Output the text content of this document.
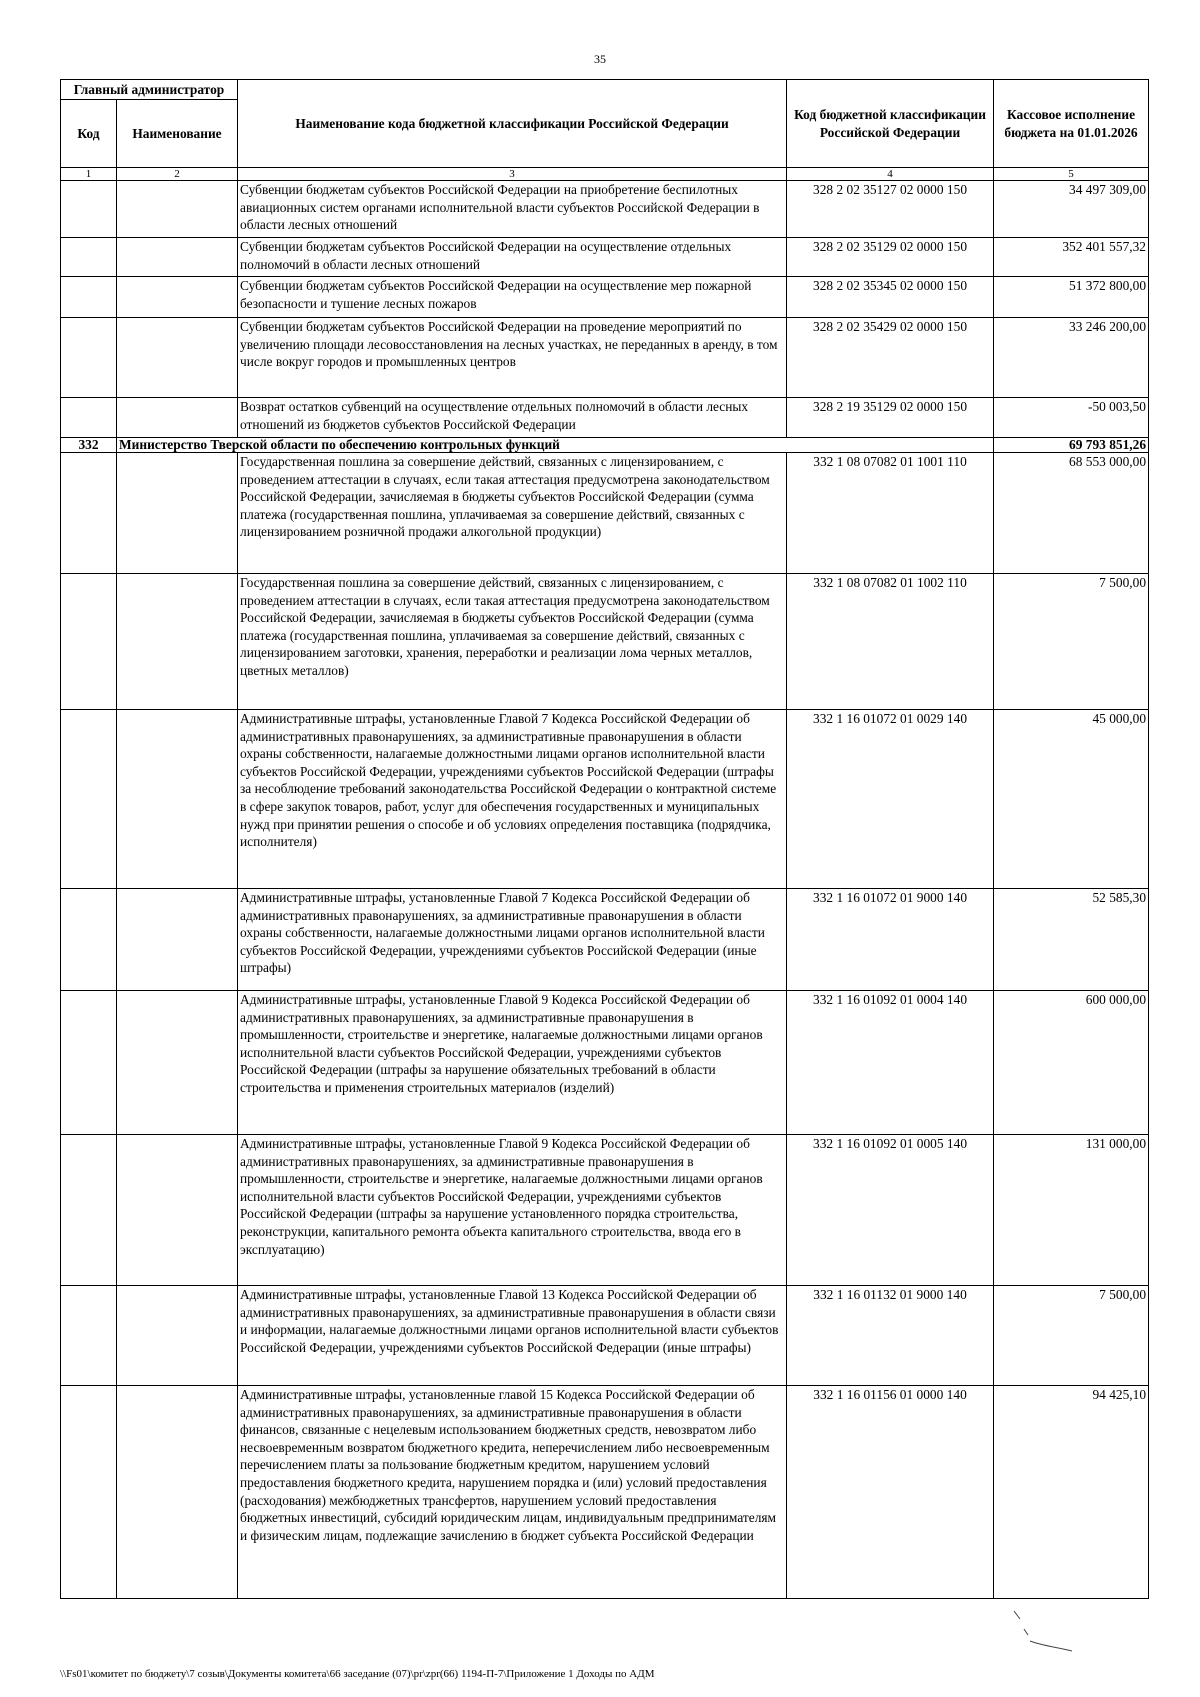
35
Главный администратор		Наименование кода бюджетной классификации Российской Федерации	Код бюджетной классификации Российской Федерации	Кассовое исполнение бюджета на 01.01.2026
Код	Наименование			
1	2	3	4	5
		Субвенции бюджетам субъектов Российской Федерации на приобретение беспилотных авиационных систем органами исполнительной власти субъектов Российской Федерации в области лесных отношений	328 2 02 35127 02 0000 150	34 497 309,00
		Субвенции бюджетам субъектов Российской Федерации на осуществление отдельных полномочий в области лесных отношений	328 2 02 35129 02 0000 150	352 401 557,32
		Субвенции бюджетам субъектов Российской Федерации на осуществление мер пожарной безопасности и тушение лесных пожаров	328 2 02 35345 02 0000 150	51 372 800,00
		Субвенции бюджетам субъектов Российской Федерации на проведение мероприятий по увеличению площади лесовосстановления на лесных участках, не переданных в аренду, в том числе вокруг городов и промышленных центров	328 2 02 35429 02 0000 150	33 246 200,00
		Возврат остатков субвенций на осуществление отдельных полномочий в области лесных отношений из бюджетов субъектов Российской Федерации	328 2 19 35129 02 0000 150	-50 003,50
332	Министерство Тверской области по обеспечению контрольных функций			69 793 851,26
		Государственная пошлина за совершение действий, связанных с лицензированием, с проведением аттестации в случаях, если такая аттестация предусмотрена законодательством Российской Федерации, зачисляемая в бюджеты субъектов Российской Федерации (сумма платежа (государственная пошлина, уплачиваемая за совершение действий, связанных с лицензированием розничной продажи алкогольной продукции)	332 1 08 07082 01 1001 110	68 553 000,00
		Государственная пошлина за совершение действий, связанных с лицензированием, с проведением аттестации в случаях, если такая аттестация предусмотрена законодательством Российской Федерации, зачисляемая в бюджеты субъектов Российской Федерации (сумма платежа (государственная пошлина, уплачиваемая за совершение действий, связанных с лицензированием заготовки, хранения, переработки и реализации лома черных металлов, цветных металлов)	332 1 08 07082 01 1002 110	7 500,00
		Административные штрафы, установленные Главой 7 Кодекса Российской Федерации об административных правонарушениях, за административные правонарушения в области охраны собственности, налагаемые должностными лицами органов исполнительной власти субъектов Российской Федерации, учреждениями субъектов Российской Федерации (штрафы за несоблюдение требований законодательства Российской Федерации о контрактной системе в сфере закупок товаров, работ, услуг для обеспечения государственных и муниципальных нужд при принятии решения о способе и об условиях определения поставщика (подрядчика, исполнителя)	332 1 16 01072 01 0029 140	45 000,00
		Административные штрафы, установленные Главой 7 Кодекса Российской Федерации об административных правонарушениях, за административные правонарушения в области охраны собственности, налагаемые должностными лицами органов исполнительной власти субъектов Российской Федерации, учреждениями субъектов Российской Федерации (иные штрафы)	332 1 16 01072 01 9000 140	52 585,30
		Административные штрафы, установленные Главой 9 Кодекса Российской Федерации об административных правонарушениях, за административные правонарушения в промышленности, строительстве и энергетике, налагаемые должностными лицами органов исполнительной власти субъектов Российской Федерации, учреждениями субъектов Российской Федерации (штрафы за нарушение обязательных требований в области строительства и применения строительных материалов (изделий)	332 1 16 01092 01 0004 140	600 000,00
		Административные штрафы, установленные Главой 9 Кодекса Российской Федерации об административных правонарушениях, за административные правонарушения в промышленности, строительстве и энергетике, налагаемые должностными лицами органов исполнительной власти субъектов Российской Федерации, учреждениями субъектов Российской Федерации (штрафы за нарушение установленного порядка строительства, реконструкции, капитального ремонта объекта капитального строительства, ввода его в эксплуатацию)	332 1 16 01092 01 0005 140	131 000,00
		Административные штрафы, установленные Главой 13 Кодекса Российской Федерации об административных правонарушениях, за административные правонарушения в области связи и информации, налагаемые должностными лицами органов исполнительной власти субъектов Российской Федерации, учреждениями субъектов Российской Федерации (иные штрафы)	332 1 16 01132 01 9000 140	7 500,00
		Административные штрафы, установленные главой 15 Кодекса Российской Федерации об административных правонарушениях, за административные правонарушения в области финансов, связанные с нецелевым использованием бюджетных средств, невозвратом либо несвоевременным возвратом бюджетного кредита, неперечислением либо несвоевременным перечислением платы за пользование бюджетным кредитом, нарушением условий предоставления бюджетного кредита, нарушением порядка и (или) условий предоставления (расходования) межбюджетных трансфертов, нарушением условий предоставления бюджетных инвестиций, субсидий юридическим лицам, индивидуальным предпринимателям и физическим лицам, подлежащие зачислению в бюджет субъекта Российской Федерации	332 1 16 01156 01 0000 140	94 425,10
\\Fs01\комитет по бюджету\7 созыв\Документы комитета\66 заседание (07)\pr\zpr(66) 1194-П-7\Приложение 1 Доходы по АДМ
